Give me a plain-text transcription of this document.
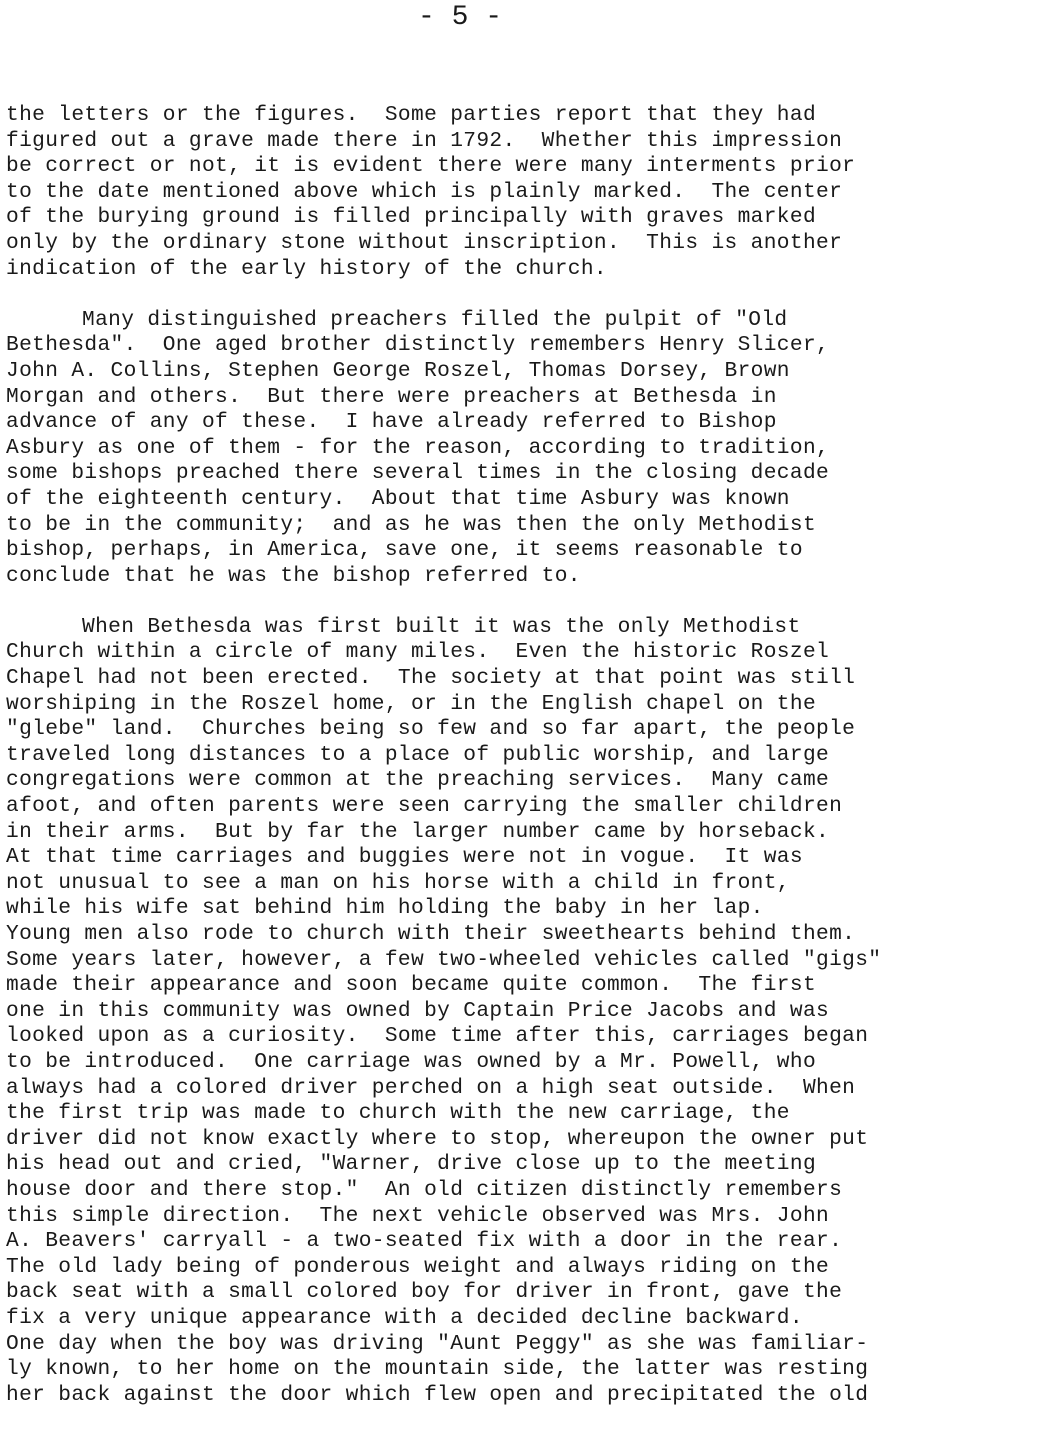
- 5 -
the letters or the figures.  Some parties report that they had
figured out a grave made there in 1792.  Whether this impression
be correct or not, it is evident there were many interments prior
to the date mentioned above which is plainly marked.  The center
of the burying ground is filled principally with graves marked
only by the ordinary stone without inscription.  This is another
indication of the early history of the church.
Many distinguished preachers filled the pulpit of "Old
Bethesda".  One aged brother distinctly remembers Henry Slicer,
John A. Collins, Stephen George Roszel, Thomas Dorsey, Brown
Morgan and others.  But there were preachers at Bethesda in
advance of any of these.  I have already referred to Bishop
Asbury as one of them - for the reason, according to tradition,
some bishops preached there several times in the closing decade
of the eighteenth century.  About that time Asbury was known
to be in the community;  and as he was then the only Methodist
bishop, perhaps, in America, save one, it seems reasonable to
conclude that he was the bishop referred to.
When Bethesda was first built it was the only Methodist
Church within a circle of many miles.  Even the historic Roszel
Chapel had not been erected.  The society at that point was still
worshiping in the Roszel home, or in the English chapel on the
"glebe" land.  Churches being so few and so far apart, the people
traveled long distances to a place of public worship, and large
congregations were common at the preaching services.  Many came
afoot, and often parents were seen carrying the smaller children
in their arms.  But by far the larger number came by horseback.
At that time carriages and buggies were not in vogue.  It was
not unusual to see a man on his horse with a child in front,
while his wife sat behind him holding the baby in her lap.
Young men also rode to church with their sweethearts behind them.
Some years later, however, a few two-wheeled vehicles called "gigs"
made their appearance and soon became quite common.  The first
one in this community was owned by Captain Price Jacobs and was
looked upon as a curiosity.  Some time after this, carriages began
to be introduced.  One carriage was owned by a Mr. Powell, who
always had a colored driver perched on a high seat outside.  When
the first trip was made to church with the new carriage, the
driver did not know exactly where to stop, whereupon the owner put
his head out and cried, "Warner, drive close up to the meeting
house door and there stop."  An old citizen distinctly remembers
this simple direction.  The next vehicle observed was Mrs. John
A. Beavers' carryall - a two-seated fix with a door in the rear.
The old lady being of ponderous weight and always riding on the
back seat with a small colored boy for driver in front, gave the
fix a very unique appearance with a decided decline backward.
One day when the boy was driving "Aunt Peggy" as she was familiar-
ly known, to her home on the mountain side, the latter was resting
her back against the door which flew open and precipitated the old
